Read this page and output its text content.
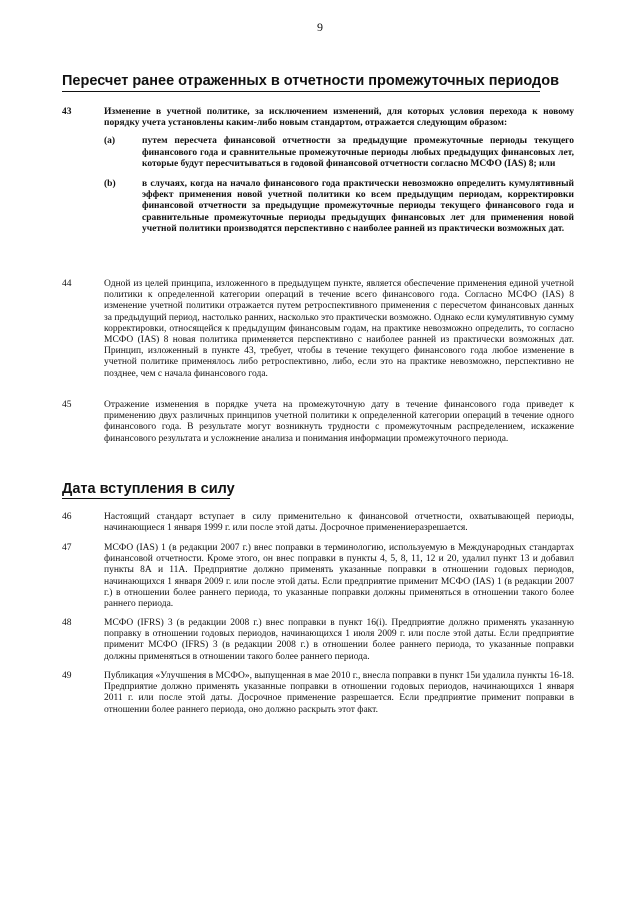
9
Пересчет ранее отраженных в отчетности промежуточных периодов
43	Изменение в учетной политике, за исключением изменений, для которых условия перехода к новому порядку учета установлены каким-либо новым стандартом, отражается следующим образом:
(a)	путем пересчета финансовой отчетности за предыдущие промежуточные периоды текущего финансового года и сравнительные промежуточные периоды любых предыдущих финансовых лет, которые будут пересчитываться в годовой финансовой отчетности согласно МСФО (IAS) 8; или
(b)	в случаях, когда на начало финансового года практически невозможно определить кумулятивный эффект применения новой учетной политики ко всем предыдущим периодам, корректировки финансовой отчетности за предыдущие промежуточные периоды текущего финансового года и сравнительные промежуточные периоды предыдущих финансовых лет для применения новой учетной политики производятся перспективно с наиболее ранней из практически возможных дат.
44	Одной из целей принципа, изложенного в предыдущем пункте, является обеспечение применения единой учетной политики к определенной категории операций в течение всего финансового года. Согласно МСФО (IAS) 8 изменение учетной политики отражается путем ретроспективного применения с пересчетом финансовых данных за предыдущий период, настолько ранних, насколько это практически возможно. Однако если кумулятивную сумму корректировки, относящейся к предыдущим финансовым годам, на практике невозможно определить, то согласно МСФО (IAS) 8 новая политика применяется перспективно с наиболее ранней из практически возможных дат. Принцип, изложенный в пункте 43, требует, чтобы в течение текущего финансового года любое изменение в учетной политике применялось либо ретроспективно, либо, если это на практике невозможно, перспективно не позднее, чем с начала финансового года.
45	Отражение изменения в порядке учета на промежуточную дату в течение финансового года приведет к применению двух различных принципов учетной политики к определенной категории операций в течение одного финансового года. В результате могут возникнуть трудности с промежуточным распределением, искажение финансового результата и усложнение анализа и понимания информации промежуточного периода.
Дата вступления в силу
46	Настоящий стандарт вступает в силу применительно к финансовой отчетности, охватывающей периоды, начинающиеся 1 января 1999 г. или после этой даты. Досрочное применениеразрешается.
47	МСФО (IAS) 1 (в редакции 2007 г.) внес поправки в терминологию, используемую в Международных стандартах финансовой отчетности. Кроме этого, он внес поправки в пункты 4, 5, 8, 11, 12 и 20, удалил пункт 13 и добавил пункты 8А и 11А. Предприятие должно применять указанные поправки в отношении годовых периодов, начинающихся 1 января 2009 г. или после этой даты. Если предприятие применит МСФО (IAS) 1 (в редакции 2007 г.) в отношении более раннего периода, то указанные поправки должны применяться в отношении такого более раннего периода.
48	МСФО (IFRS) 3 (в редакции 2008 г.) внес поправки в пункт 16(i). Предприятие должно применять указанную поправку в отношении годовых периодов, начинающихся 1 июля 2009 г. или после этой даты. Если предприятие применит МСФО (IFRS) 3 (в редакции 2008 г.) в отношении более раннего периода, то указанные поправки должны применяться в отношении такого более раннего периода.
49	Публикация «Улучшения в МСФО», выпущенная в мае 2010 г., внесла поправки в пункт 15и удалила пункты 16-18. Предприятие должно применять указанные поправки в отношении годовых периодов, начинающихся 1 января 2011 г. или после этой даты. Досрочное применение разрешается. Если предприятие применит поправки в отношении более раннего периода, оно должно раскрыть этот факт.
